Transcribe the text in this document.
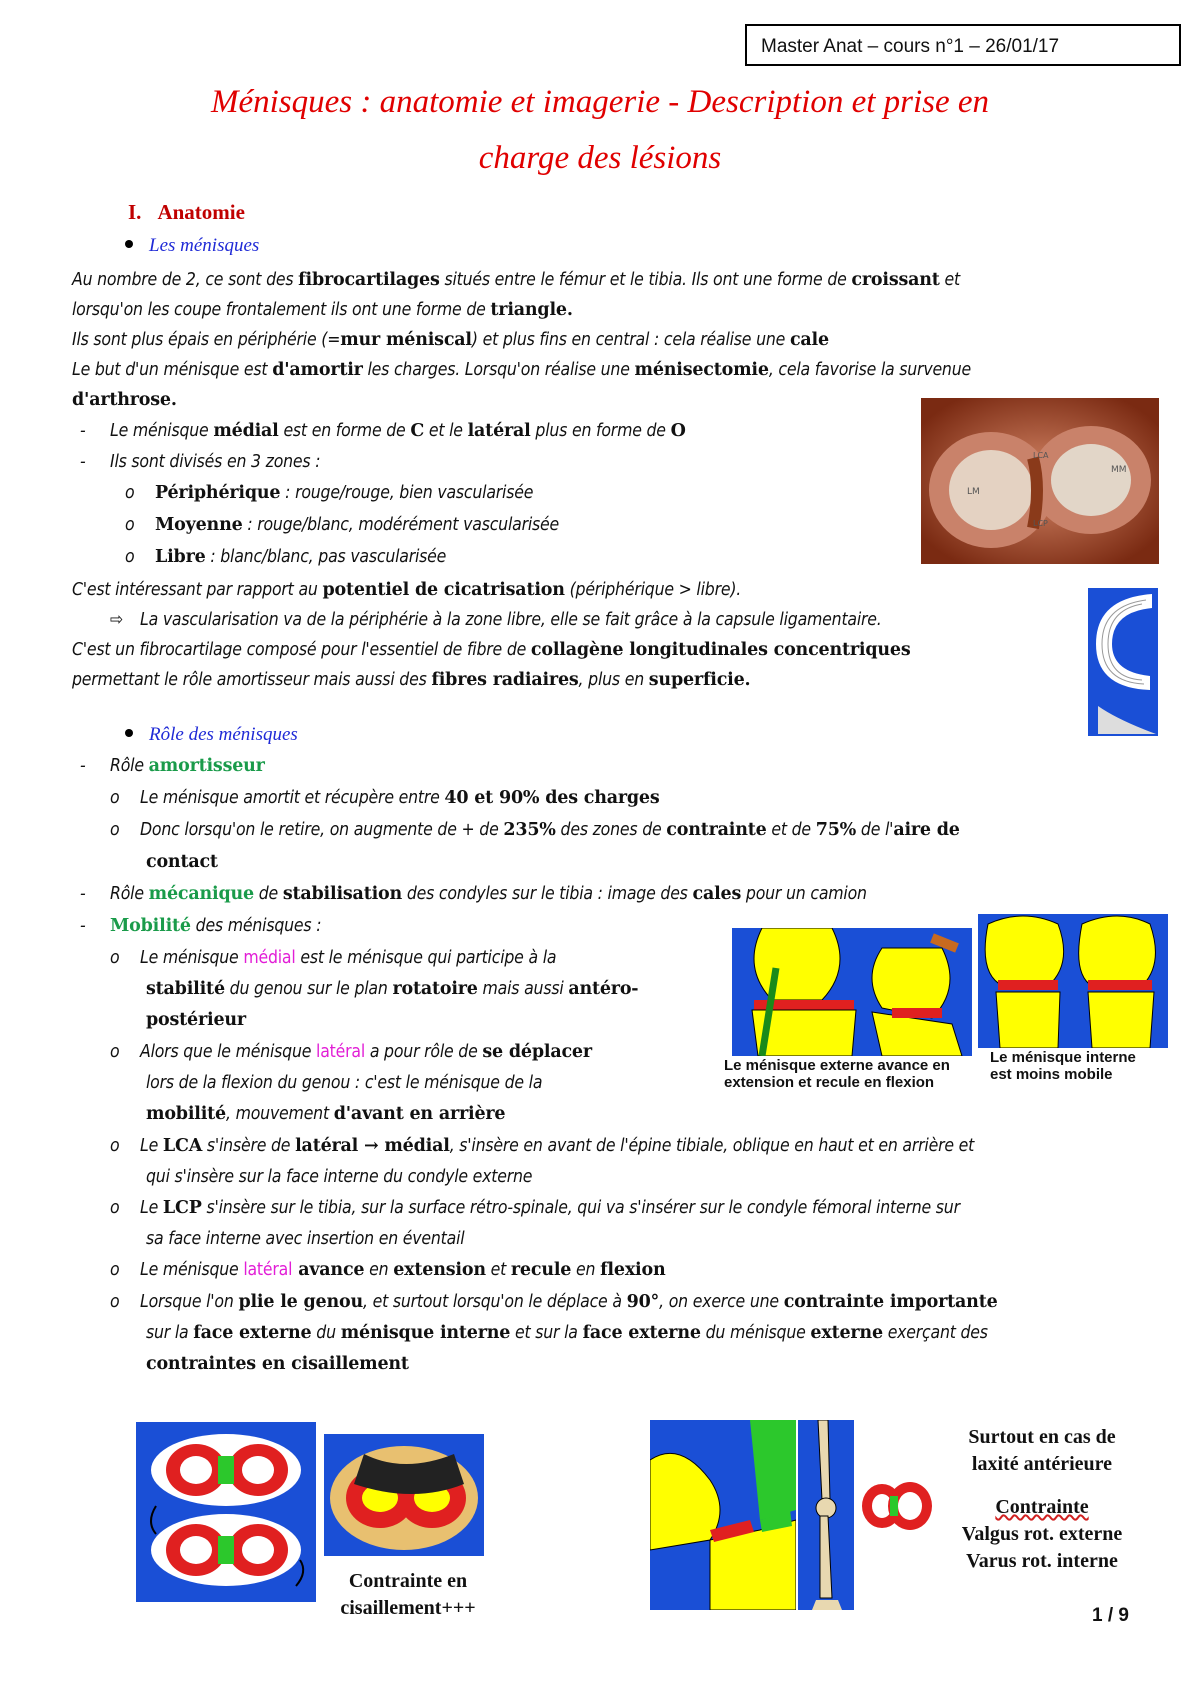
Master Anat – cours n°1 – 26/01/17
Ménisques : anatomie et imagerie - Description et prise en
charge des lésions
I. Anatomie
Les ménisques
Au nombre de 2, ce sont des fibrocartilages situés entre le fémur et le tibia. Ils ont une forme de croissant et
lorsqu'on les coupe frontalement ils ont une forme de triangle.
Ils sont plus épais en périphérie (=mur méniscal) et plus fins en central : cela réalise une cale
Le but d'un ménisque est d'amortir les charges. Lorsqu'on réalise une ménisectomie, cela favorise la survenue
d'arthrose.
- Le ménisque médial est en forme de C et le latéral plus en forme de O
- Ils sont divisés en 3 zones :
o Périphérique : rouge/rouge, bien vascularisée
o Moyenne : rouge/blanc, modérément vascularisée
o Libre : blanc/blanc, pas vascularisée
C'est intéressant par rapport au potentiel de cicatrisation (périphérique > libre).
⇨ La vascularisation va de la périphérie à la zone libre, elle se fait grâce à la capsule ligamentaire.
C'est un fibrocartilage composé pour l'essentiel de fibre de collagène longitudinales concentriques
permettant le rôle amortisseur mais aussi des fibres radiaires, plus en superficie.
LM
MM
LCA
LCP
Rôle des ménisques
- Rôle amortisseur
o Le ménisque amortit et récupère entre 40 et 90% des charges
o Donc lorsqu'on le retire, on augmente de + de 235% des zones de contrainte et de 75% de l'aire de
contact
- Rôle mécanique de stabilisation des condyles sur le tibia : image des cales pour un camion
- Mobilité des ménisques :
o Le ménisque médial est le ménisque qui participe à la
stabilité du genou sur le plan rotatoire mais aussi antéro-
postérieur
o Alors que le ménisque latéral a pour rôle de se déplacer
lors de la flexion du genou : c'est le ménisque de la
mobilité, mouvement d'avant en arrière
o Le LCA s'insère de latéral → médial, s'insère en avant de l'épine tibiale, oblique en haut et en arrière et
qui s'insère sur la face interne du condyle externe
o Le LCP s'insère sur le tibia, sur la surface rétro-spinale, qui va s'insérer sur le condyle fémoral interne sur
sa face interne avec insertion en éventail
o Le ménisque latéral avance en extension et recule en flexion
o Lorsque l'on plie le genou, et surtout lorsqu'on le déplace à 90°, on exerce une contrainte importante
sur la face externe du ménisque interne et sur la face externe du ménisque externe exerçant des
contraintes en cisaillement
Le ménisque externe avance en
extension et recule en flexion
Le ménisque interne
est moins mobile
Contrainte en
cisaillement+++
Surtout en cas de
laxité antérieure
Contrainte
Valgus rot. externe
Varus rot. interne
1 / 9
